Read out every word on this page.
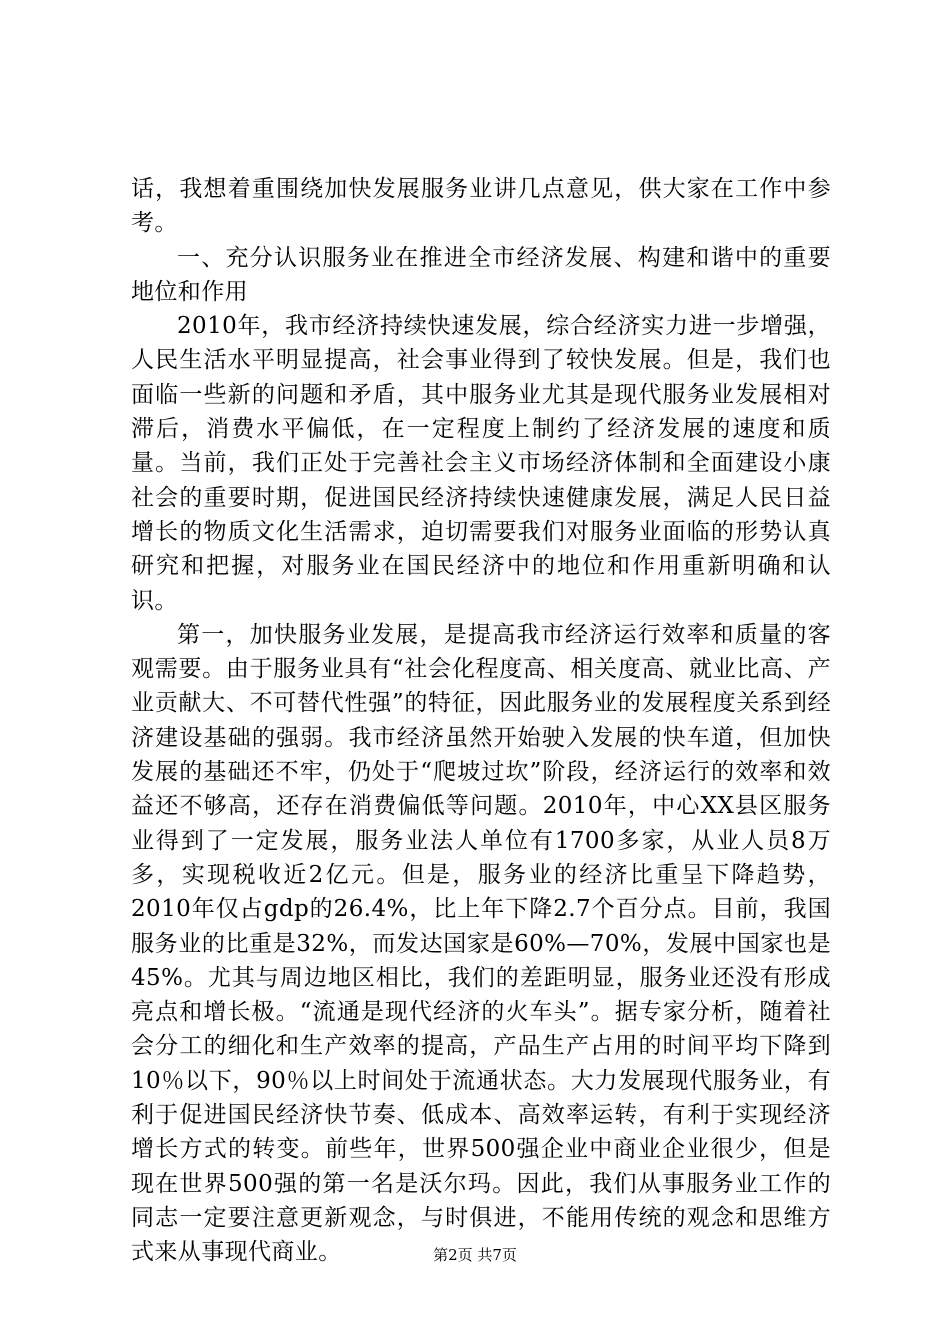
话，我想着重围绕加快发展服务业讲几点意见，供大家在工作中参考。

一、充分认识服务业在推进全市经济发展、构建和谐中的重要地位和作用

2010年，我市经济持续快速发展，综合经济实力进一步增强，人民生活水平明显提高，社会事业得到了较快发展。但是，我们也面临一些新的问题和矛盾，其中服务业尤其是现代服务业发展相对滞后，消费水平偏低，在一定程度上制约了经济发展的速度和质量。当前，我们正处于完善社会主义市场经济体制和全面建设小康社会的重要时期，促进国民经济持续快速健康发展，满足人民日益增长的物质文化生活需求，迫切需要我们对服务业面临的形势认真研究和把握，对服务业在国民经济中的地位和作用重新明确和认识。

第一，加快服务业发展，是提高我市经济运行效率和质量的客观需要。由于服务业具有“社会化程度高、相关度高、就业比高、产业贡献大、不可替代性强”的特征，因此服务业的发展程度关系到经济建设基础的强弱。我市经济虽然开始驶入发展的快车道，但加快发展的基础还不牢，仍处于“爬坡过坎”阶段，经济运行的效率和效益还不够高，还存在消费偏低等问题。2010年，中心XX县区服务业得到了一定发展，服务业法人单位有1700多家，从业人员8万多，实现税收近2亿元。但是，服务业的经济比重呈下降趋势，2010年仅占gdp的26.4%，比上年下降2.7个百分点。目前，我国服务业的比重是32%，而发达国家是60%—70%，发展中国家也是45%。尤其与周边地区相比，我们的差距明显，服务业还没有形成亮点和增长极。“流通是现代经济的火车头”。据专家分析，随着社会分工的细化和生产效率的提高，产品生产占用的时间平均下降到10％以下，90％以上时间处于流通状态。大力发展现代服务业，有利于促进国民经济快节奏、低成本、高效率运转，有利于实现经济增长方式的转变。前些年，世界500强企业中商业企业很少，但是现在世界500强的第一名是沃尔玛。因此，我们从事服务业工作的同志一定要注意更新观念，与时俱进，不能用传统的观念和思维方式来从事现代商业。	第2页 共7页
